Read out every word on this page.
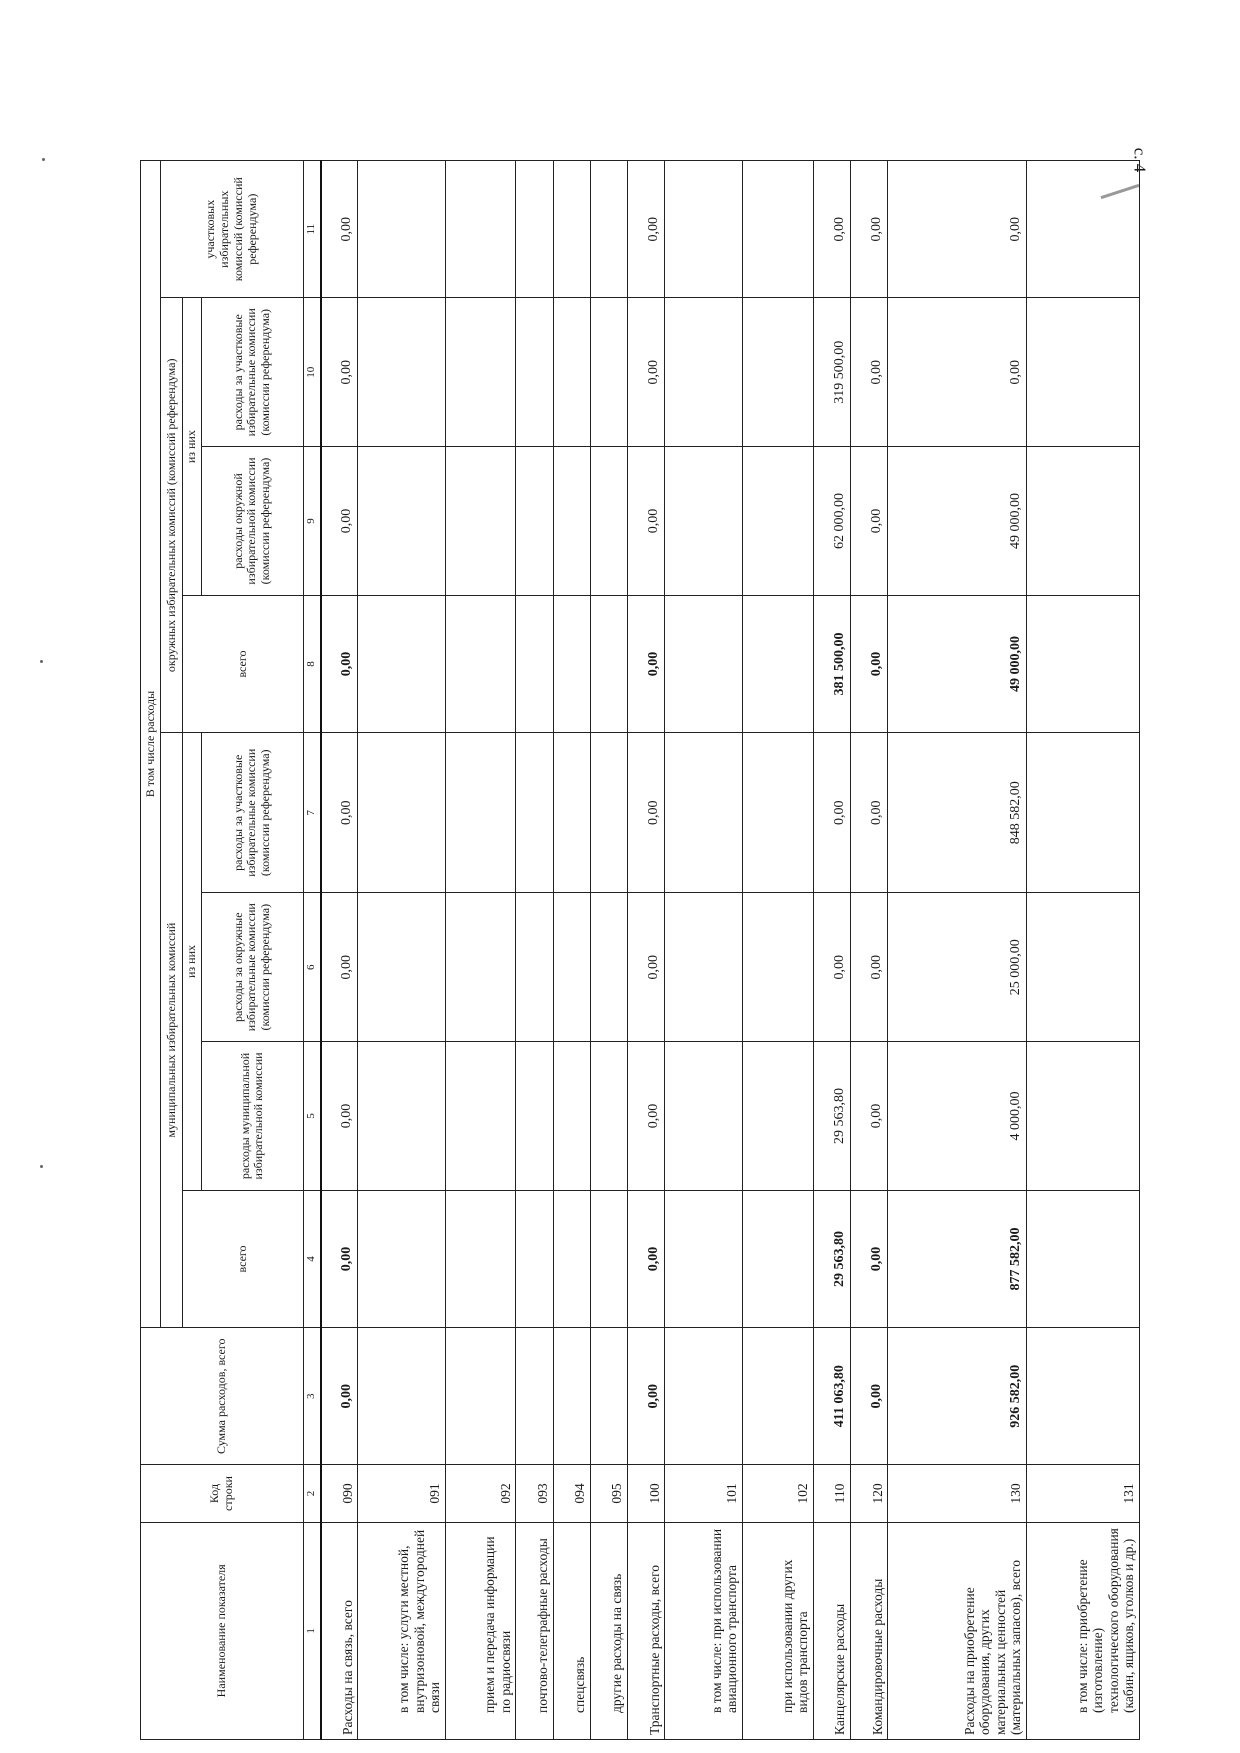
с. 4
Наименование показателя	Код строки	Сумма расходов, всего	В том числе расходы							
			муниципальных избирательных комиссий				окружных избирательных комиссий (комиссий референдума)			участковых избирательных комиссий (комиссий референдума)
			всего	из них			всего	из них		
				расходы муниципальной избирательной комиссии	расходы за окружные избирательные комиссии (комиссии референдума)	расходы за участковые избирательные комиссии (комиссии референдума)		расходы окружной избирательной комиссии (комиссии референдума)	расходы за участковые избирательные комиссии (комиссии референдума)	
1	2	3	4	5	6	7	8	9	10	11
Расходы на связь, всего	090	0,00	0,00	0,00	0,00	0,00	0,00	0,00	0,00	0,00
в том числе: услуги местной, внутризоновой, междугородней связи	091									
прием и передача информации по радиосвязи	092									
почтово-телеграфные расходы	093									
спецсвязь	094									
другие расходы на связь	095									
Транспортные расходы, всего	100	0,00	0,00	0,00	0,00	0,00	0,00	0,00	0,00	0,00
в том числе: при использовании авиационного транспорта	101									
при использовании других видов транспорта	102									
Канцелярские расходы	110	411 063,80	29 563,80	29 563,80	0,00	0,00	381 500,00	62 000,00	319 500,00	0,00
Командировочные расходы	120	0,00	0,00	0,00	0,00	0,00	0,00	0,00	0,00	0,00
Расходы на приобретение оборудования, других материальных ценностей (материальных запасов), всего	130	926 582,00	877 582,00	4 000,00	25 000,00	848 582,00	49 000,00	49 000,00	0,00	0,00
в том числе: приобретение (изготовление) технологического оборудования (кабин, ящиков, уголков и др.)	131									
